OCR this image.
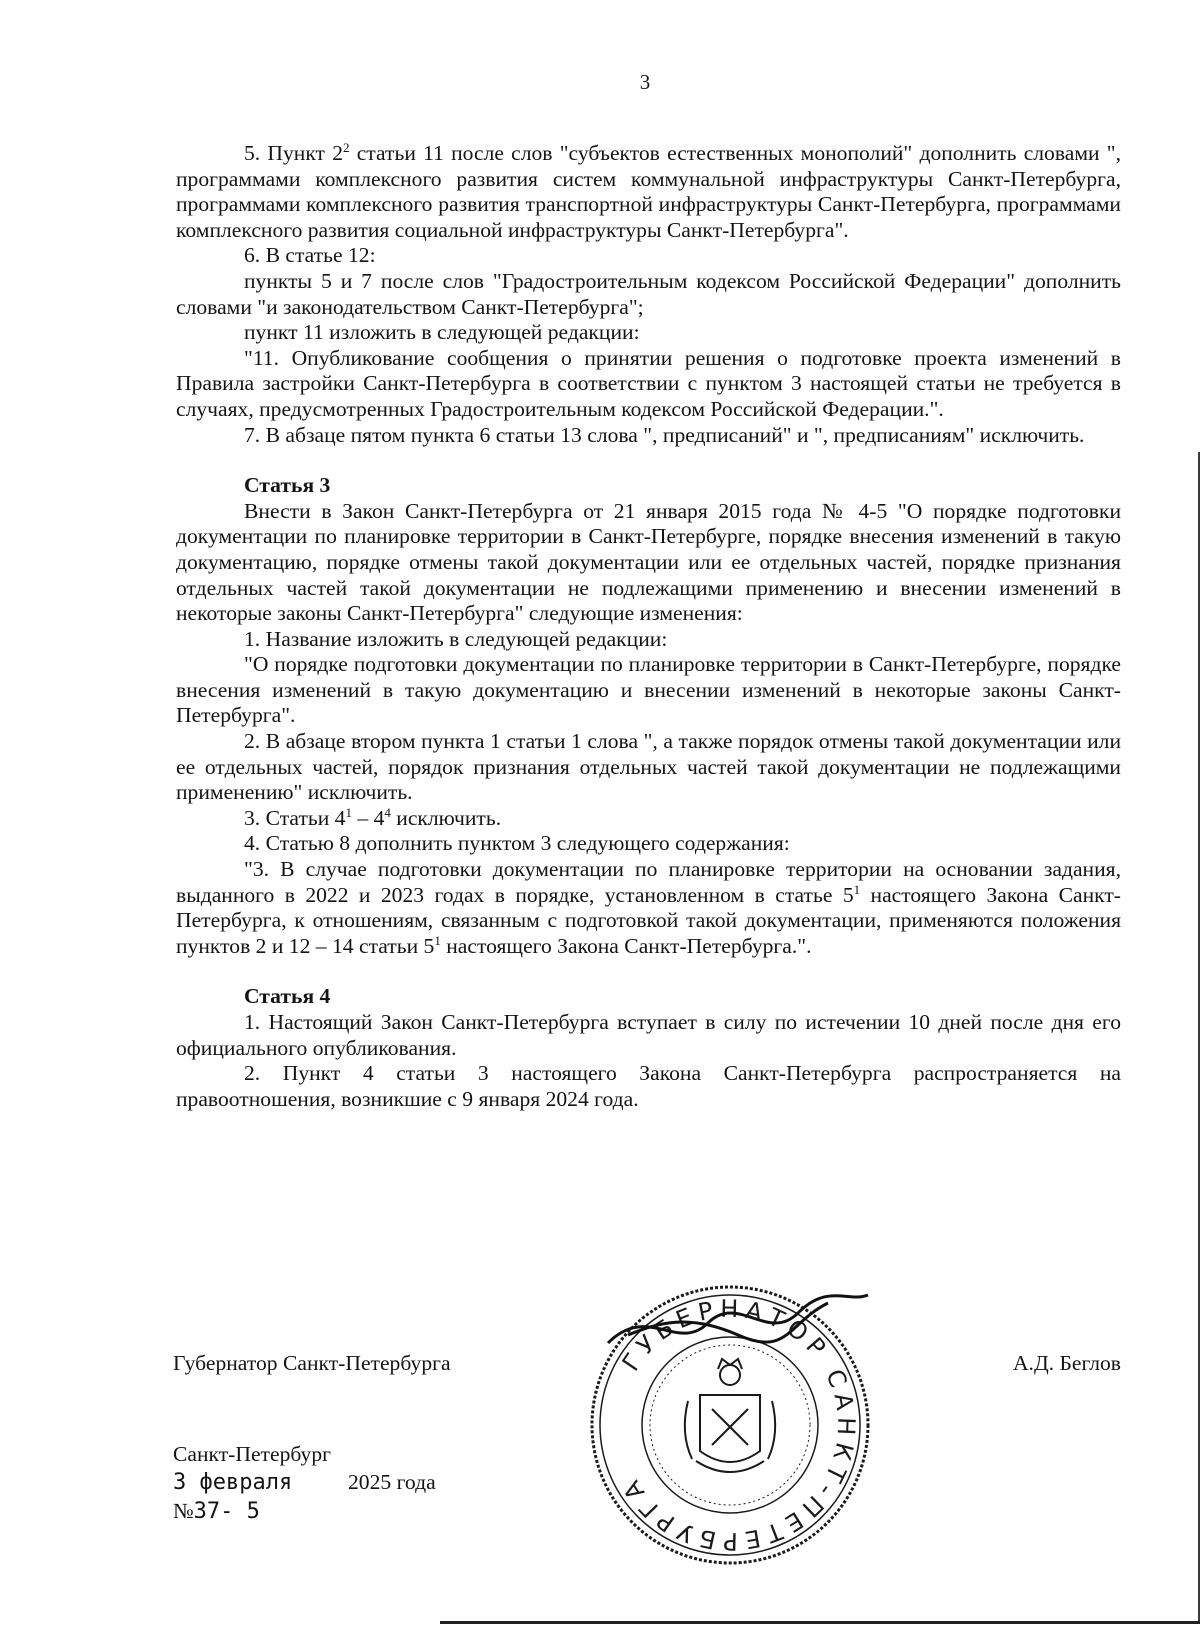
3

5. Пункт $2^2$ статьи 11 после слов "субъектов естественных монополий" дополнить словами ", программами комплексного развития систем коммунальной инфраструктуры Санкт-Петербурга, программами комплексного развития транспортной инфраструктуры Санкт-Петербурга, программами комплексного развития социальной инфраструктуры Санкт-Петербурга".

6. В статье 12:

пункты 5 и 7 после слов "Градостроительным кодексом Российской Федерации" дополнить словами "и законодательством Санкт-Петербурга";

пункт 11 изложить в следующей редакции:

"11. Опубликование сообщения о принятии решения о подготовке проекта изменений в Правила застройки Санкт-Петербурга в соответствии с пунктом 3 настоящей статьи не требуется в случаях, предусмотренных Градостроительным кодексом Российской Федерации.".

7. В абзаце пятом пункта 6 статьи 13 слова ", предписаний" и ", предписаниям" исключить.

Статья 3

Внести в Закон Санкт-Петербурга от 21 января 2015 года № 4-5 "О порядке подготовки документации по планировке территории в Санкт-Петербурге, порядке внесения изменений в такую документацию, порядке отмены такой документации или ее отдельных частей, порядке признания отдельных частей такой документации не подлежащими применению и внесении изменений в некоторые законы Санкт-Петербурга" следующие изменения:

1. Название изложить в следующей редакции:

"О порядке подготовки документации по планировке территории в Санкт-Петербурге, порядке внесения изменений в такую документацию и внесении изменений в некоторые законы Санкт-Петербурга".

2. В абзаце втором пункта 1 статьи 1 слова ", а также порядок отмены такой документации или ее отдельных частей, порядок признания отдельных частей такой документации не подлежащими применению" исключить.

3. Статьи $4^1 - 4^4$ исключить.

4. Статью 8 дополнить пунктом 3 следующего содержания:

"3. В случае подготовки документации по планировке территории на основании задания, выданного в 2022 и 2023 годах в порядке, установленном в статье $5^1$ настоящего Закона Санкт-Петербурга, к отношениям, связанным с подготовкой такой документации, применяются положения пунктов 2 и 12 – 14 статьи $5^1$ настоящего Закона Санкт-Петербурга.".

Статья 4

1. Настоящий Закон Санкт-Петербурга вступает в силу по истечении 10 дней после дня его официального опубликования.

2. Пункт 4 статьи 3 настоящего Закона Санкт-Петербурга распространяется на правоотношения, возникшие с 9 января 2024 года.

Губернатор Санкт-Петербурга	А.Д. Беглов
Санкт-Петербург
3 февраля	2025 года
№37- 5
ГУБЕРНАТОР САНКТ-ПЕТЕРБУРГА
